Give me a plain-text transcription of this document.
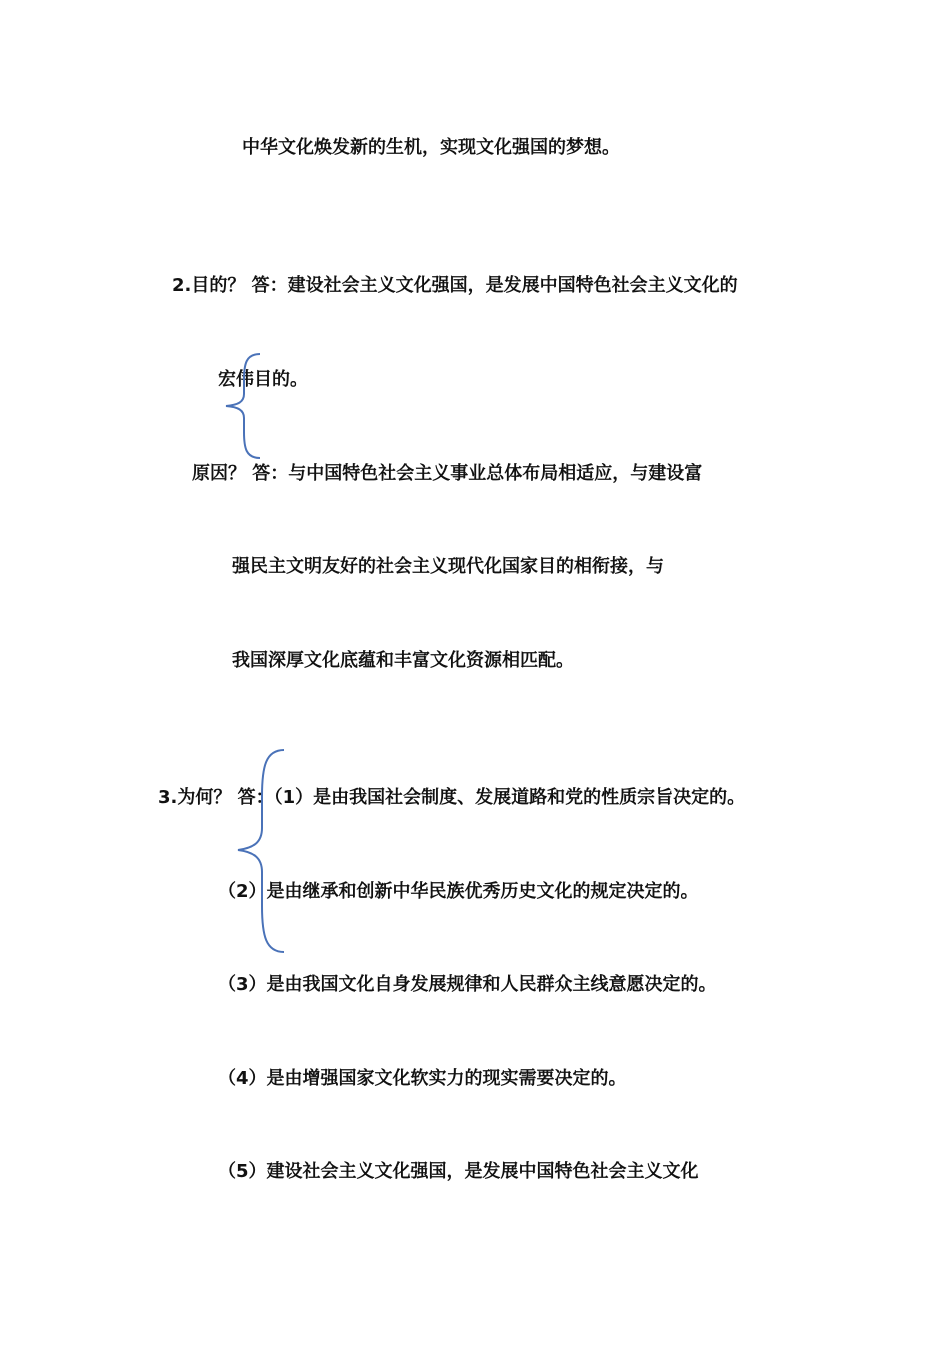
中华文化焕发新的生机，实现文化强国的梦想。

2.目的？ 答：建设社会主义文化强国，是发展中国特色社会主义文化的

宏伟目的。

原因？ 答：与中国特色社会主义事业总体布局相适应，与建设富

强民主文明友好的社会主义现代化国家目的相衔接，与

我国深厚文化底蕴和丰富文化资源相匹配。

3.为何？ 答：（1）是由我国社会制度、发展道路和党的性质宗旨决定的。

（2）是由继承和创新中华民族优秀历史文化的规定决定的。

（3）是由我国文化自身发展规律和人民群众主线意愿决定的。

（4）是由增强国家文化软实力的现实需要决定的。

（5）建设社会主义文化强国，是发展中国特色社会主义文化
